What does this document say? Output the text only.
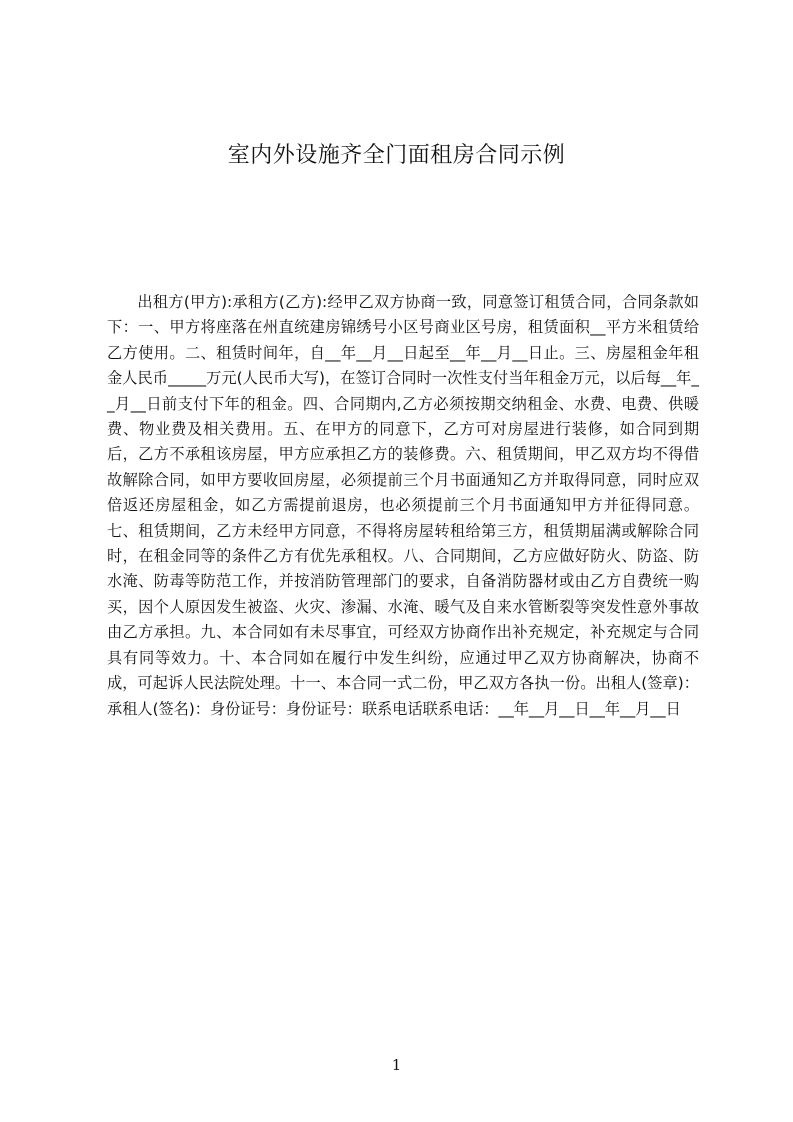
室内外设施齐全门面租房合同示例
出租方(甲方):承租方(乙方):经甲乙双方协商一致，同意签订租赁合同，合同条款如下：一、甲方将座落在州直统建房锦绣号小区号商业区号房，租赁面积__平方米租赁给乙方使用。二、租赁时间年，自__年__月__日起至__年__月__日止。三、房屋租金年租金人民币_____万元(人民币大写)，在签订合同时一次性支付当年租金万元，以后每__年__月__日前支付下年的租金。四、合同期内,乙方必须按期交纳租金、水费、电费、供暖费、物业费及相关费用。五、在甲方的同意下，乙方可对房屋进行装修，如合同到期后，乙方不承租该房屋，甲方应承担乙方的装修费。六、租赁期间，甲乙双方均不得借故解除合同，如甲方要收回房屋，必须提前三个月书面通知乙方并取得同意，同时应双倍返还房屋租金，如乙方需提前退房，也必须提前三个月书面通知甲方并征得同意。七、租赁期间，乙方未经甲方同意，不得将房屋转租给第三方，租赁期届满或解除合同时，在租金同等的条件乙方有优先承租权。八、合同期间，乙方应做好防火、防盗、防水淹、防毒等防范工作，并按消防管理部门的要求，自备消防器材或由乙方自费统一购买，因个人原因发生被盗、火灾、渗漏、水淹、暖气及自来水管断裂等突发性意外事故由乙方承担。九、本合同如有未尽事宜，可经双方协商作出补充规定，补充规定与合同具有同等效力。十、本合同如在履行中发生纠纷，应通过甲乙双方协商解决，协商不成，可起诉人民法院处理。十一、本合同一式二份，甲乙双方各执一份。出租人(签章)：承租人(签名)：身份证号：身份证号：联系电话联系电话：__年__月__日__年__月__日
1
